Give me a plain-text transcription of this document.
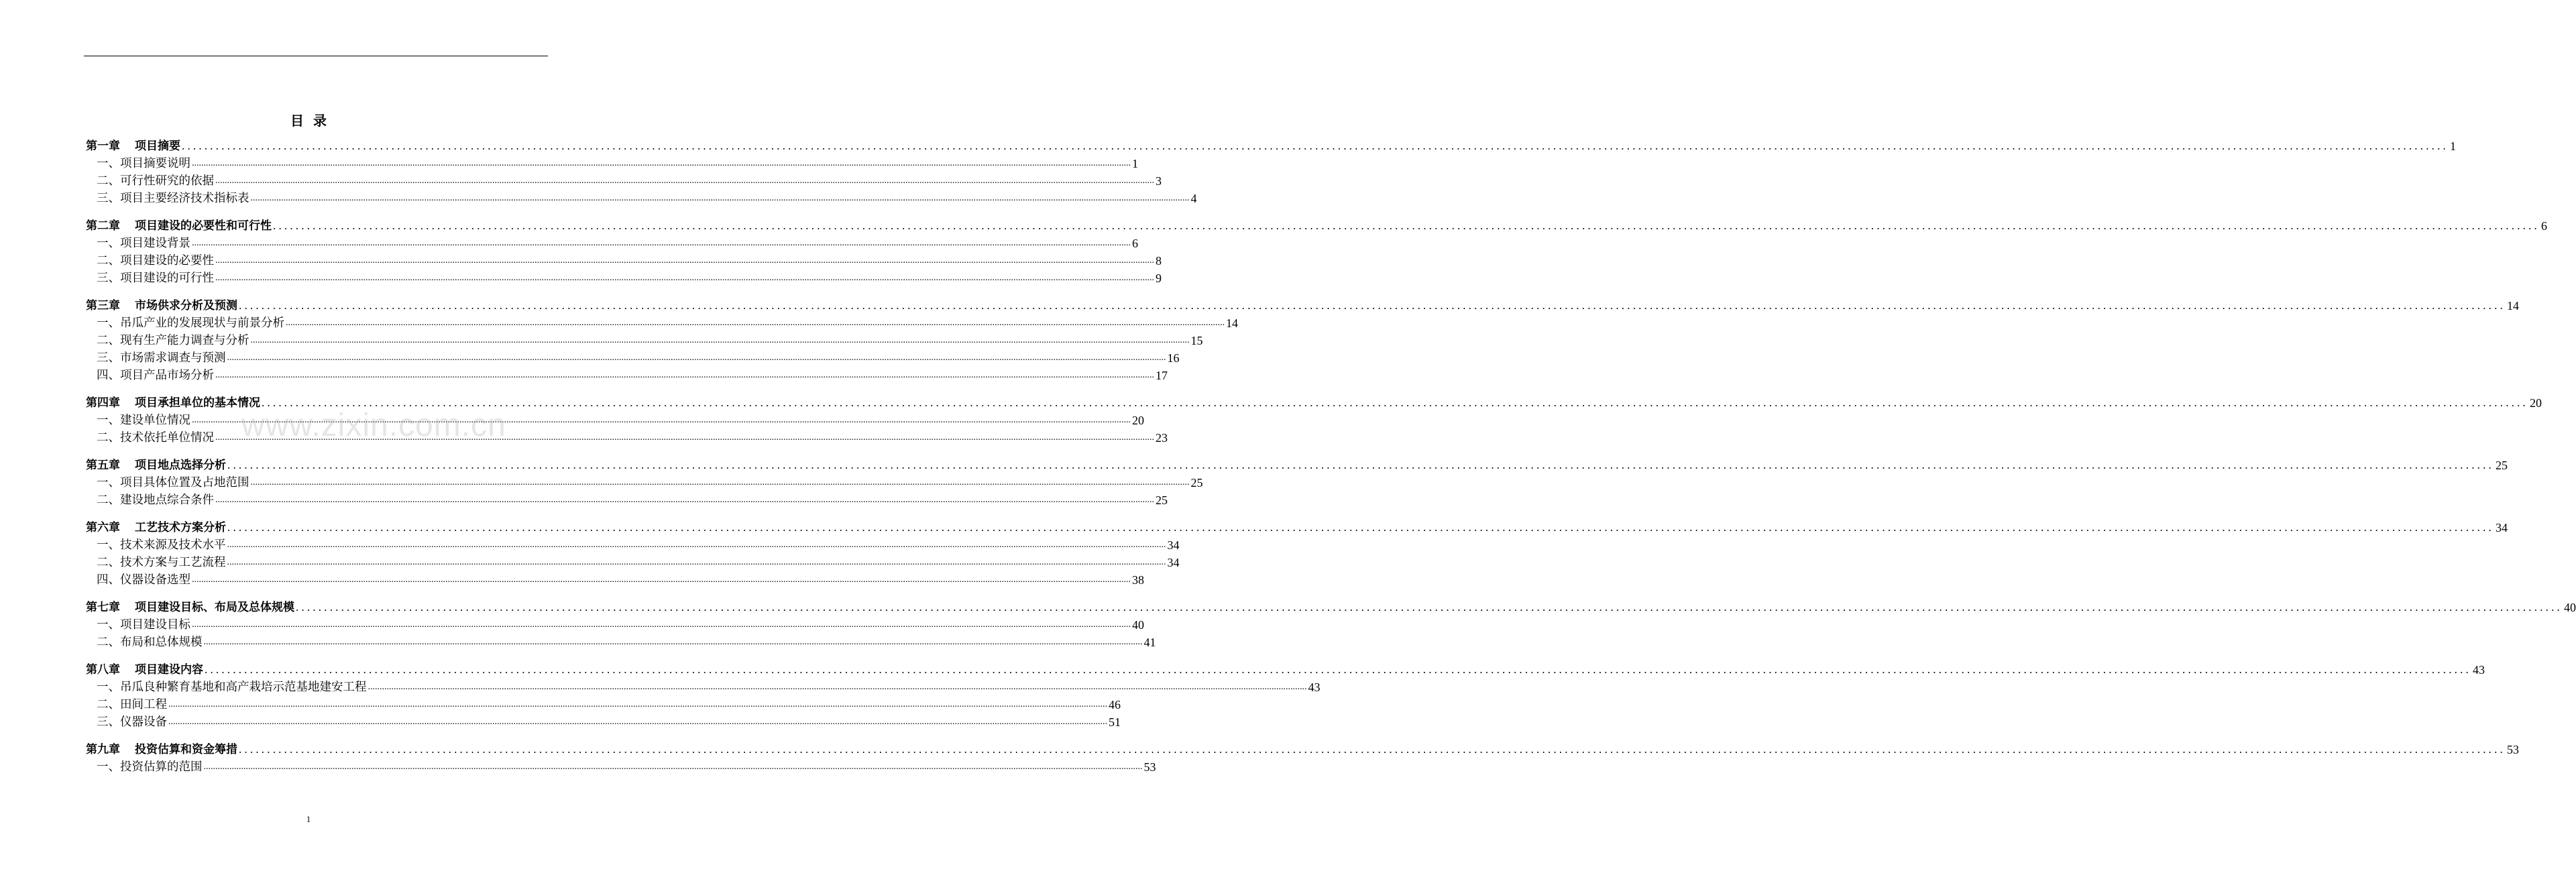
目录
第一章 项目摘要 ................................................................................................................................................................................................................................................................................................................................................................................................................ 1
一、项目摘要说明 ................................................................................................................................................................................................................................................................................................................................................................................................................ 1
二、可行性研究的依据 ................................................................................................................................................................................................................................................................................................................................................................................................................ 3
三、项目主要经济技术指标表 ................................................................................................................................................................................................................................................................................................................................................................................................................ 4
第二章 项目建设的必要性和可行性 ................................................................................................................................................................................................................................................................................................................................................................................................................ 6
一、项目建设背景 ................................................................................................................................................................................................................................................................................................................................................................................................................ 6
二、项目建设的必要性 ................................................................................................................................................................................................................................................................................................................................................................................................................ 8
三、项目建设的可行性 ................................................................................................................................................................................................................................................................................................................................................................................................................ 9
第三章 市场供求分析及预测 ................................................................................................................................................................................................................................................................................................................................................................................................................ 14
一、吊瓜产业的发展现状与前景分析 ................................................................................................................................................................................................................................................................................................................................................................................................................ 14
二、现有生产能力调查与分析 ................................................................................................................................................................................................................................................................................................................................................................................................................ 15
三、市场需求调查与预测 ................................................................................................................................................................................................................................................................................................................................................................................................................ 16
四、项目产品市场分析 ................................................................................................................................................................................................................................................................................................................................................................................................................ 17
第四章 项目承担单位的基本情况 ................................................................................................................................................................................................................................................................................................................................................................................................................ 20
一、建设单位情况 ................................................................................................................................................................................................................................................................................................................................................................................................................ 20
二、技术依托单位情况 ................................................................................................................................................................................................................................................................................................................................................................................................................ 23
第五章 项目地点选择分析 ................................................................................................................................................................................................................................................................................................................................................................................................................ 25
一、项目具体位置及占地范围 ................................................................................................................................................................................................................................................................................................................................................................................................................ 25
二、建设地点综合条件 ................................................................................................................................................................................................................................................................................................................................................................................................................ 25
第六章 工艺技术方案分析 ................................................................................................................................................................................................................................................................................................................................................................................................................ 34
一、技术来源及技术水平 ................................................................................................................................................................................................................................................................................................................................................................................................................ 34
二、技术方案与工艺流程 ................................................................................................................................................................................................................................................................................................................................................................................................................ 34
四、仪器设备选型 ................................................................................................................................................................................................................................................................................................................................................................................................................ 38
第七章 项目建设目标、布局及总体规模 ................................................................................................................................................................................................................................................................................................................................................................................................................ 40
一、项目建设目标 ................................................................................................................................................................................................................................................................................................................................................................................................................ 40
二、布局和总体规模 ................................................................................................................................................................................................................................................................................................................................................................................................................ 41
第八章 项目建设内容 ................................................................................................................................................................................................................................................................................................................................................................................................................ 43
一、吊瓜良种繁育基地和高产栽培示范基地建安工程 ................................................................................................................................................................................................................................................................................................................................................................................................................ 43
二、田间工程 ................................................................................................................................................................................................................................................................................................................................................................................................................ 46
三、仪器设备 ................................................................................................................................................................................................................................................................................................................................................................................................................ 51
第九章 投资估算和资金筹措 ................................................................................................................................................................................................................................................................................................................................................................................................................ 53
一、投资估算的范围 ................................................................................................................................................................................................................................................................................................................................................................................................................ 53
www.zixin.com.cn
1
